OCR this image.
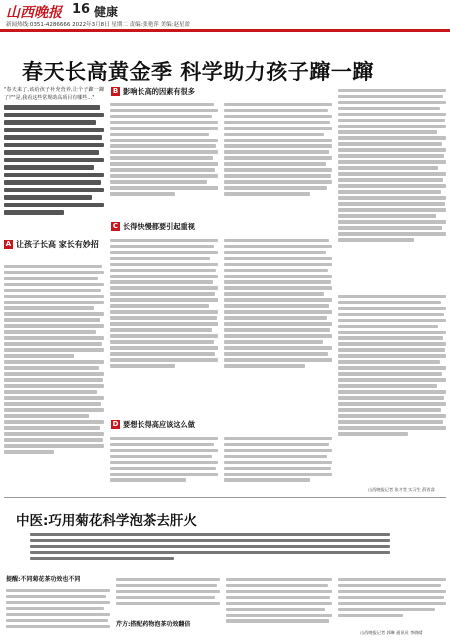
山西晚报 16 健康
新闻热线:0351-4286666 2022年3月8日 星期二 责编:张艳萍 美编:赵星盈
春天长高黄金季 科学助力孩子蹿一蹿
"春天来了,该给孩子补充营养,让个子蹿一蹿了!""是,我看这些常规助高项目有哪些…"
A 让孩子长高 家长有妙招
B 影响长高的因素有很多
C 长得快慢都要引起重视
D 要想长得高应该这么做
山西晚报记者 张才堂 实习生 薛晋睿
中医:巧用菊花科学泡茶去肝火
提醒:不同菊花茶功效也不同
芹方:搭配药物泡茶功效翻倍
山西晚报记者 郭琳 通讯员 李晓晴
